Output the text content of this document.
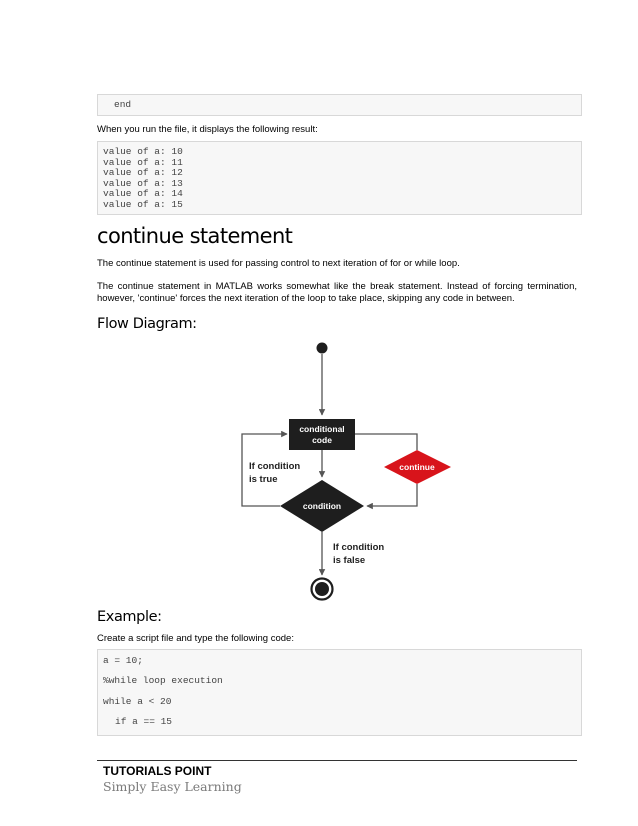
end
When you run the file, it displays the following result:
value of a: 10
value of a: 11
value of a: 12
value of a: 13
value of a: 14
value of a: 15
continue statement
The continue statement is used for passing control to next iteration of for or while loop.
The continue statement in MATLAB works somewhat like the break statement. Instead of forcing termination, however, 'continue' forces the next iteration of the loop to take place, skipping any code in between.
Flow Diagram:
conditional
code
condition
If condition
is true
continue
If condition
is false
Example:
Create a script file and type the following code:
a = 10;
%while loop execution
while a < 20
if a == 15
TUTORIALS POINT
Simply Easy Learning
